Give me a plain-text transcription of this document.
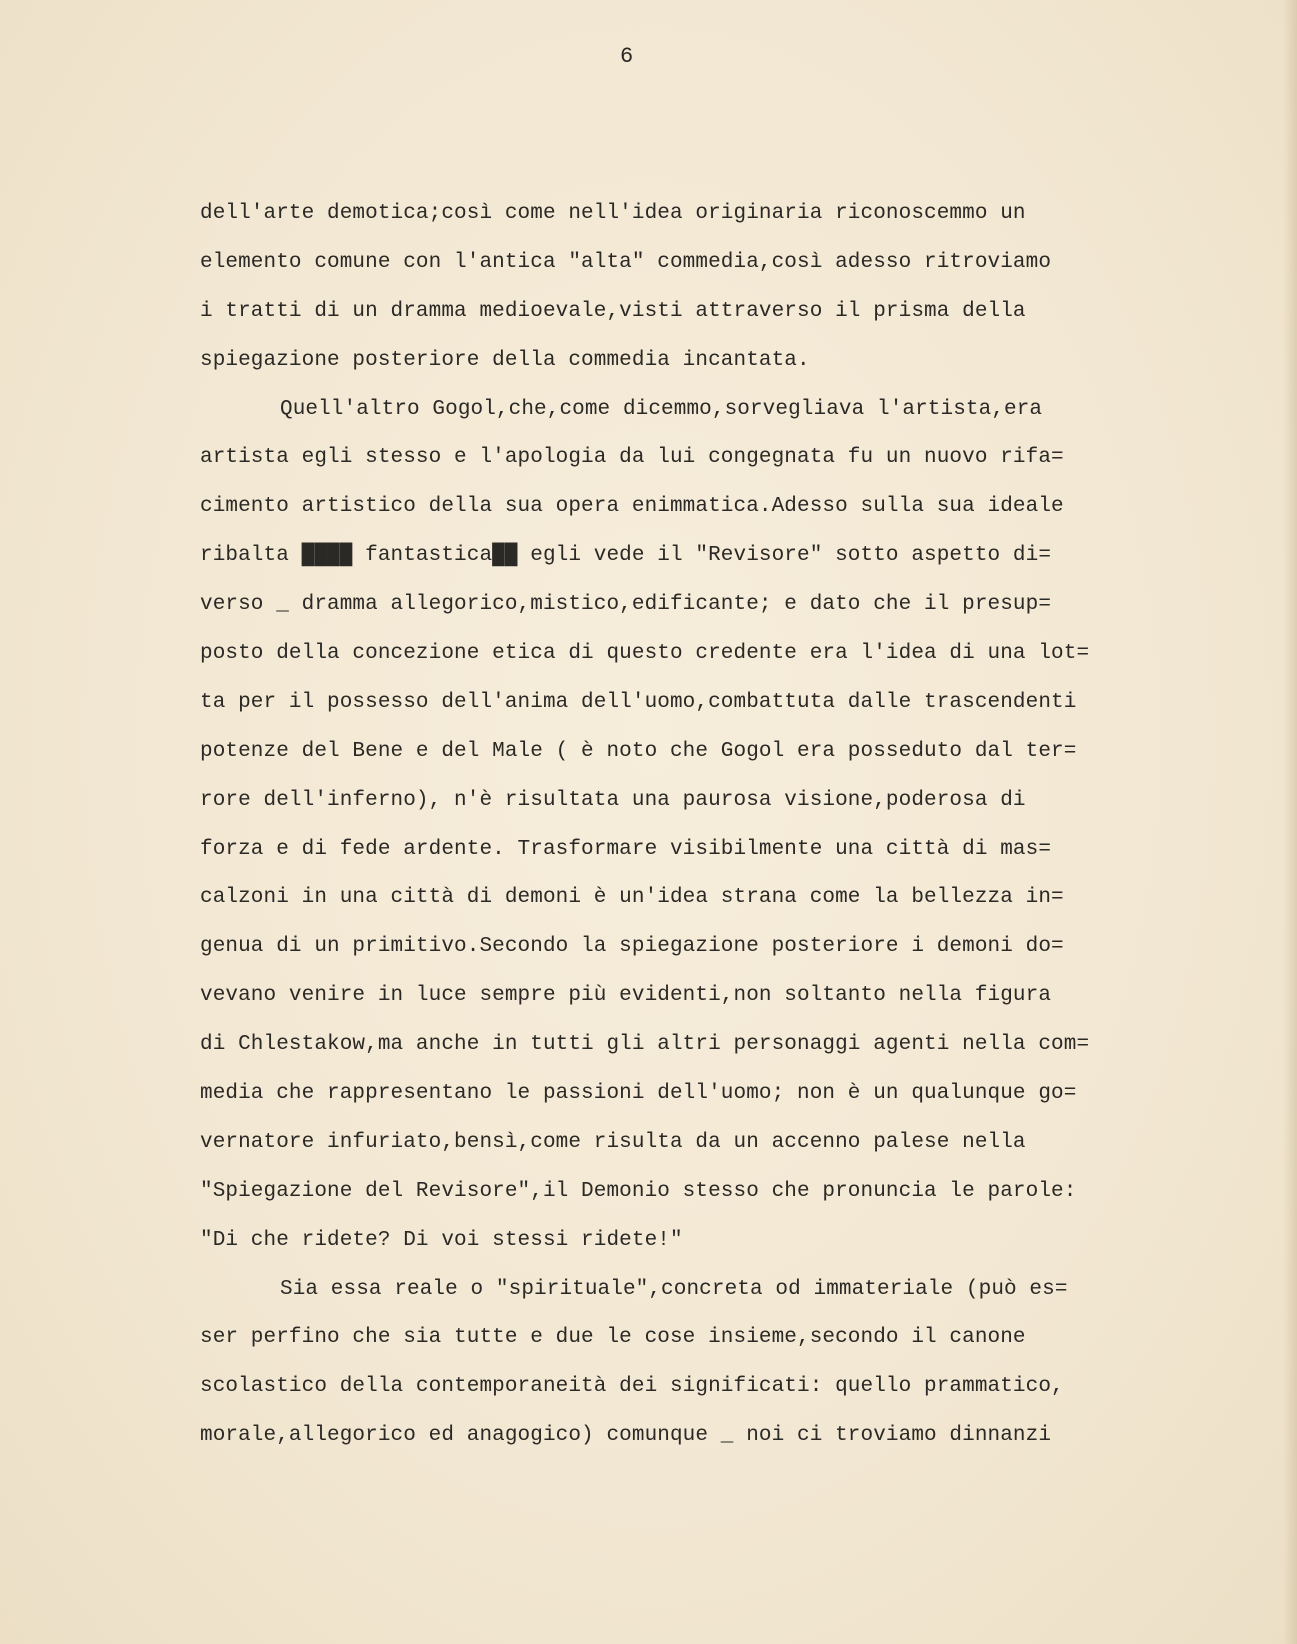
6
dell'arte demotica;così come nell'idea originaria riconoscemmo un
elemento comune con l'antica "alta" commedia,così adesso ritroviamo
i tratti di un dramma medioevale,visti attraverso il prisma della
spiegazione posteriore della commedia incantata.
Quell'altro Gogol,che,come dicemmo,sorvegliava l'artista,era
artista egli stesso e l'apologia da lui congegnata fu un nuovo rifa=
cimento artistico della sua opera enimmatica.Adesso sulla sua ideale
ribalta ████ fantastica██ egli vede il "Revisore" sotto aspetto di=
verso _ dramma allegorico,mistico,edificante; e dato che il presup=
posto della concezione etica di questo credente era l'idea di una lot=
ta per il possesso dell'anima dell'uomo,combattuta dalle trascendenti
potenze del Bene e del Male ( è noto che Gogol era posseduto dal ter=
rore dell'inferno), n'è risultata una paurosa visione,poderosa di
forza e di fede ardente. Trasformare visibilmente una città di mas=
calzoni in una città di demoni è un'idea strana come la bellezza in=
genua di un primitivo.Secondo la spiegazione posteriore i demoni do=
vevano venire in luce sempre più evidenti,non soltanto nella figura
di Chlestakow,ma anche in tutti gli altri personaggi agenti nella com=
media che rappresentano le passioni dell'uomo; non è un qualunque go=
vernatore infuriato,bensì,come risulta da un accenno palese nella
"Spiegazione del Revisore",il Demonio stesso che pronuncia le parole:
"Di che ridete? Di voi stessi ridete!"
Sia essa reale o "spirituale",concreta od immateriale (può es=
ser perfino che sia tutte e due le cose insieme,secondo il canone
scolastico della contemporaneità dei significati: quello prammatico,
morale,allegorico ed anagogico) comunque _ noi ci troviamo dinnanzi
